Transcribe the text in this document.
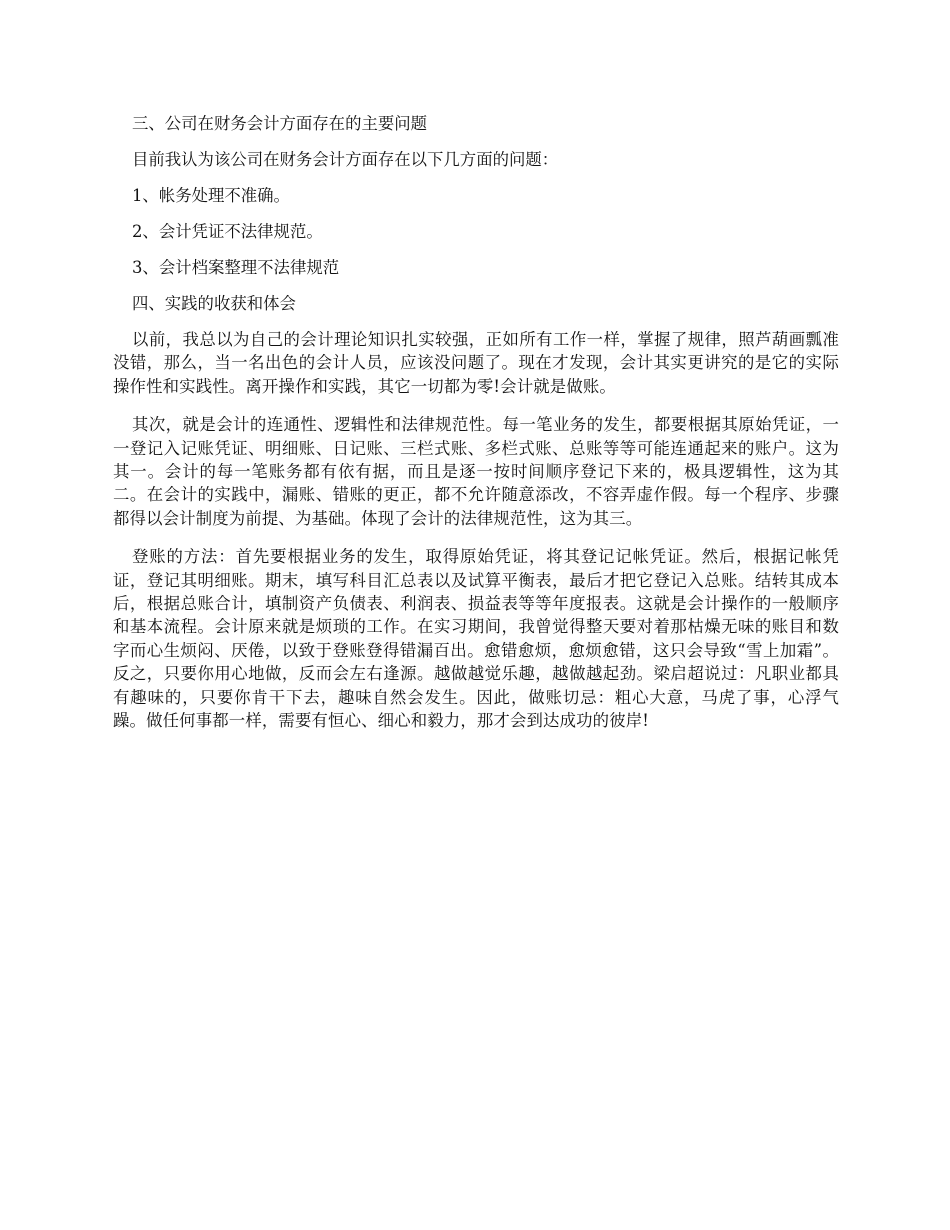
三、公司在财务会计方面存在的主要问题

目前我认为该公司在财务会计方面存在以下几方面的问题：

1、帐务处理不准确。

2、会计凭证不法律规范。

3、会计档案整理不法律规范

四、实践的收获和体会

以前，我总以为自己的会计理论知识扎实较强，正如所有工作一样，掌握了规律，照芦葫画瓢准没错，那么，当一名出色的会计人员，应该没问题了。现在才发现，会计其实更讲究的是它的实际操作性和实践性。离开操作和实践，其它一切都为零!会计就是做账。

其次，就是会计的连通性、逻辑性和法律规范性。每一笔业务的发生，都要根据其原始凭证，一一登记入记账凭证、明细账、日记账、三栏式账、多栏式账、总账等等可能连通起来的账户。这为其一。会计的每一笔账务都有依有据，而且是逐一按时间顺序登记下来的，极具逻辑性，这为其二。在会计的实践中，漏账、错账的更正，都不允许随意添改，不容弄虚作假。每一个程序、步骤都得以会计制度为前提、为基础。体现了会计的法律规范性，这为其三。

登账的方法：首先要根据业务的发生，取得原始凭证，将其登记记帐凭证。然后，根据记帐凭证，登记其明细账。期末，填写科目汇总表以及试算平衡表，最后才把它登记入总账。结转其成本后，根据总账合计，填制资产负债表、利润表、损益表等等年度报表。这就是会计操作的一般顺序和基本流程。会计原来就是烦琐的工作。在实习期间，我曾觉得整天要对着那枯燥无味的账目和数字而心生烦闷、厌倦，以致于登账登得错漏百出。愈错愈烦，愈烦愈错，这只会导致“雪上加霜”。反之，只要你用心地做，反而会左右逢源。越做越觉乐趣，越做越起劲。梁启超说过：凡职业都具有趣味的，只要你肯干下去，趣味自然会发生。因此，做账切忌：粗心大意，马虎了事，心浮气躁。做任何事都一样，需要有恒心、细心和毅力，那才会到达成功的彼岸!
